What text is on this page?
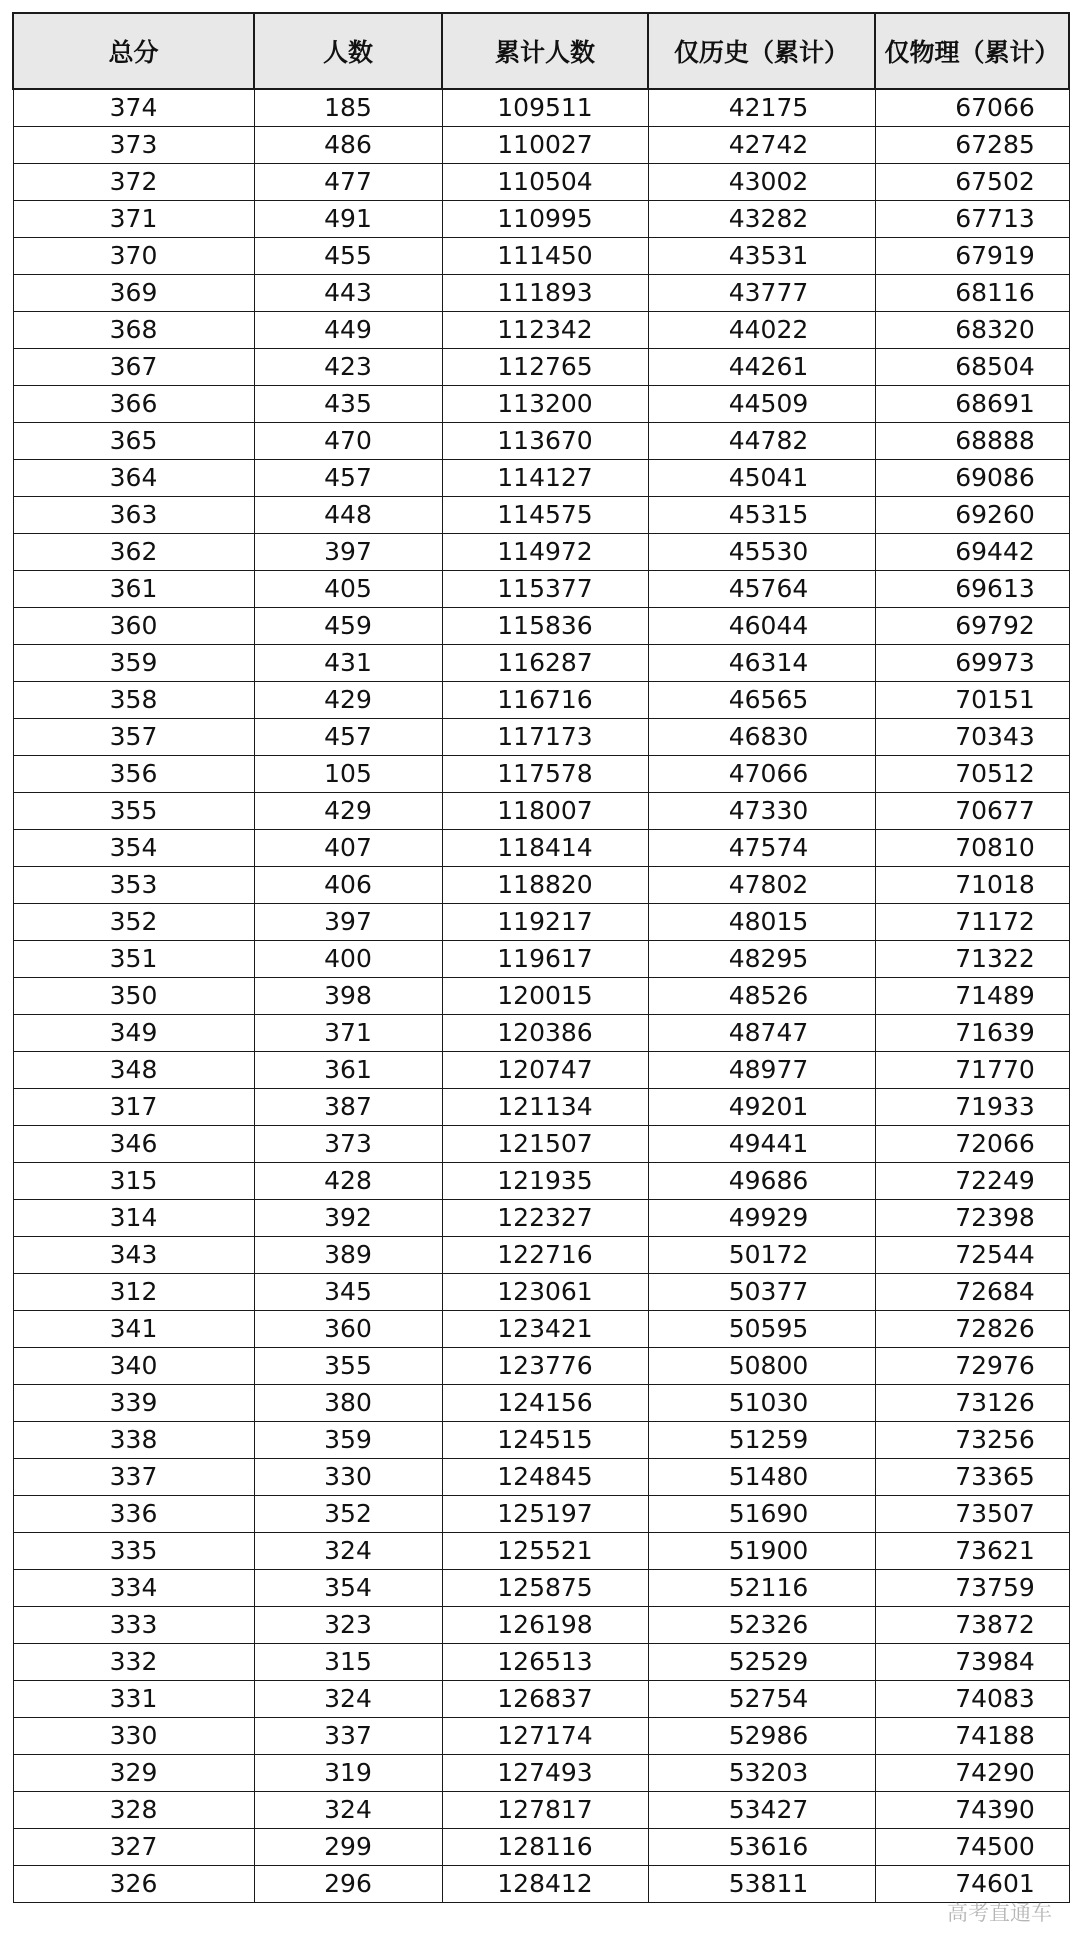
总分	人数	累计人数	仅历史（累计）	仅物理（累计）
374	185	109511	42175	67066
373	486	110027	42742	67285
372	477	110504	43002	67502
371	491	110995	43282	67713
370	455	111450	43531	67919
369	443	111893	43777	68116
368	449	112342	44022	68320
367	423	112765	44261	68504
366	435	113200	44509	68691
365	470	113670	44782	68888
364	457	114127	45041	69086
363	448	114575	45315	69260
362	397	114972	45530	69442
361	405	115377	45764	69613
360	459	115836	46044	69792
359	431	116287	46314	69973
358	429	116716	46565	70151
357	457	117173	46830	70343
356	105	117578	47066	70512
355	429	118007	47330	70677
354	407	118414	47574	70810
353	406	118820	47802	71018
352	397	119217	48015	71172
351	400	119617	48295	71322
350	398	120015	48526	71489
349	371	120386	48747	71639
348	361	120747	48977	71770
317	387	121134	49201	71933
346	373	121507	49441	72066
315	428	121935	49686	72249
314	392	122327	49929	72398
343	389	122716	50172	72544
312	345	123061	50377	72684
341	360	123421	50595	72826
340	355	123776	50800	72976
339	380	124156	51030	73126
338	359	124515	51259	73256
337	330	124845	51480	73365
336	352	125197	51690	73507
335	324	125521	51900	73621
334	354	125875	52116	73759
333	323	126198	52326	73872
332	315	126513	52529	73984
331	324	126837	52754	74083
330	337	127174	52986	74188
329	319	127493	53203	74290
328	324	127817	53427	74390
327	299	128116	53616	74500
326	296	128412	53811	74601
高考直通车
